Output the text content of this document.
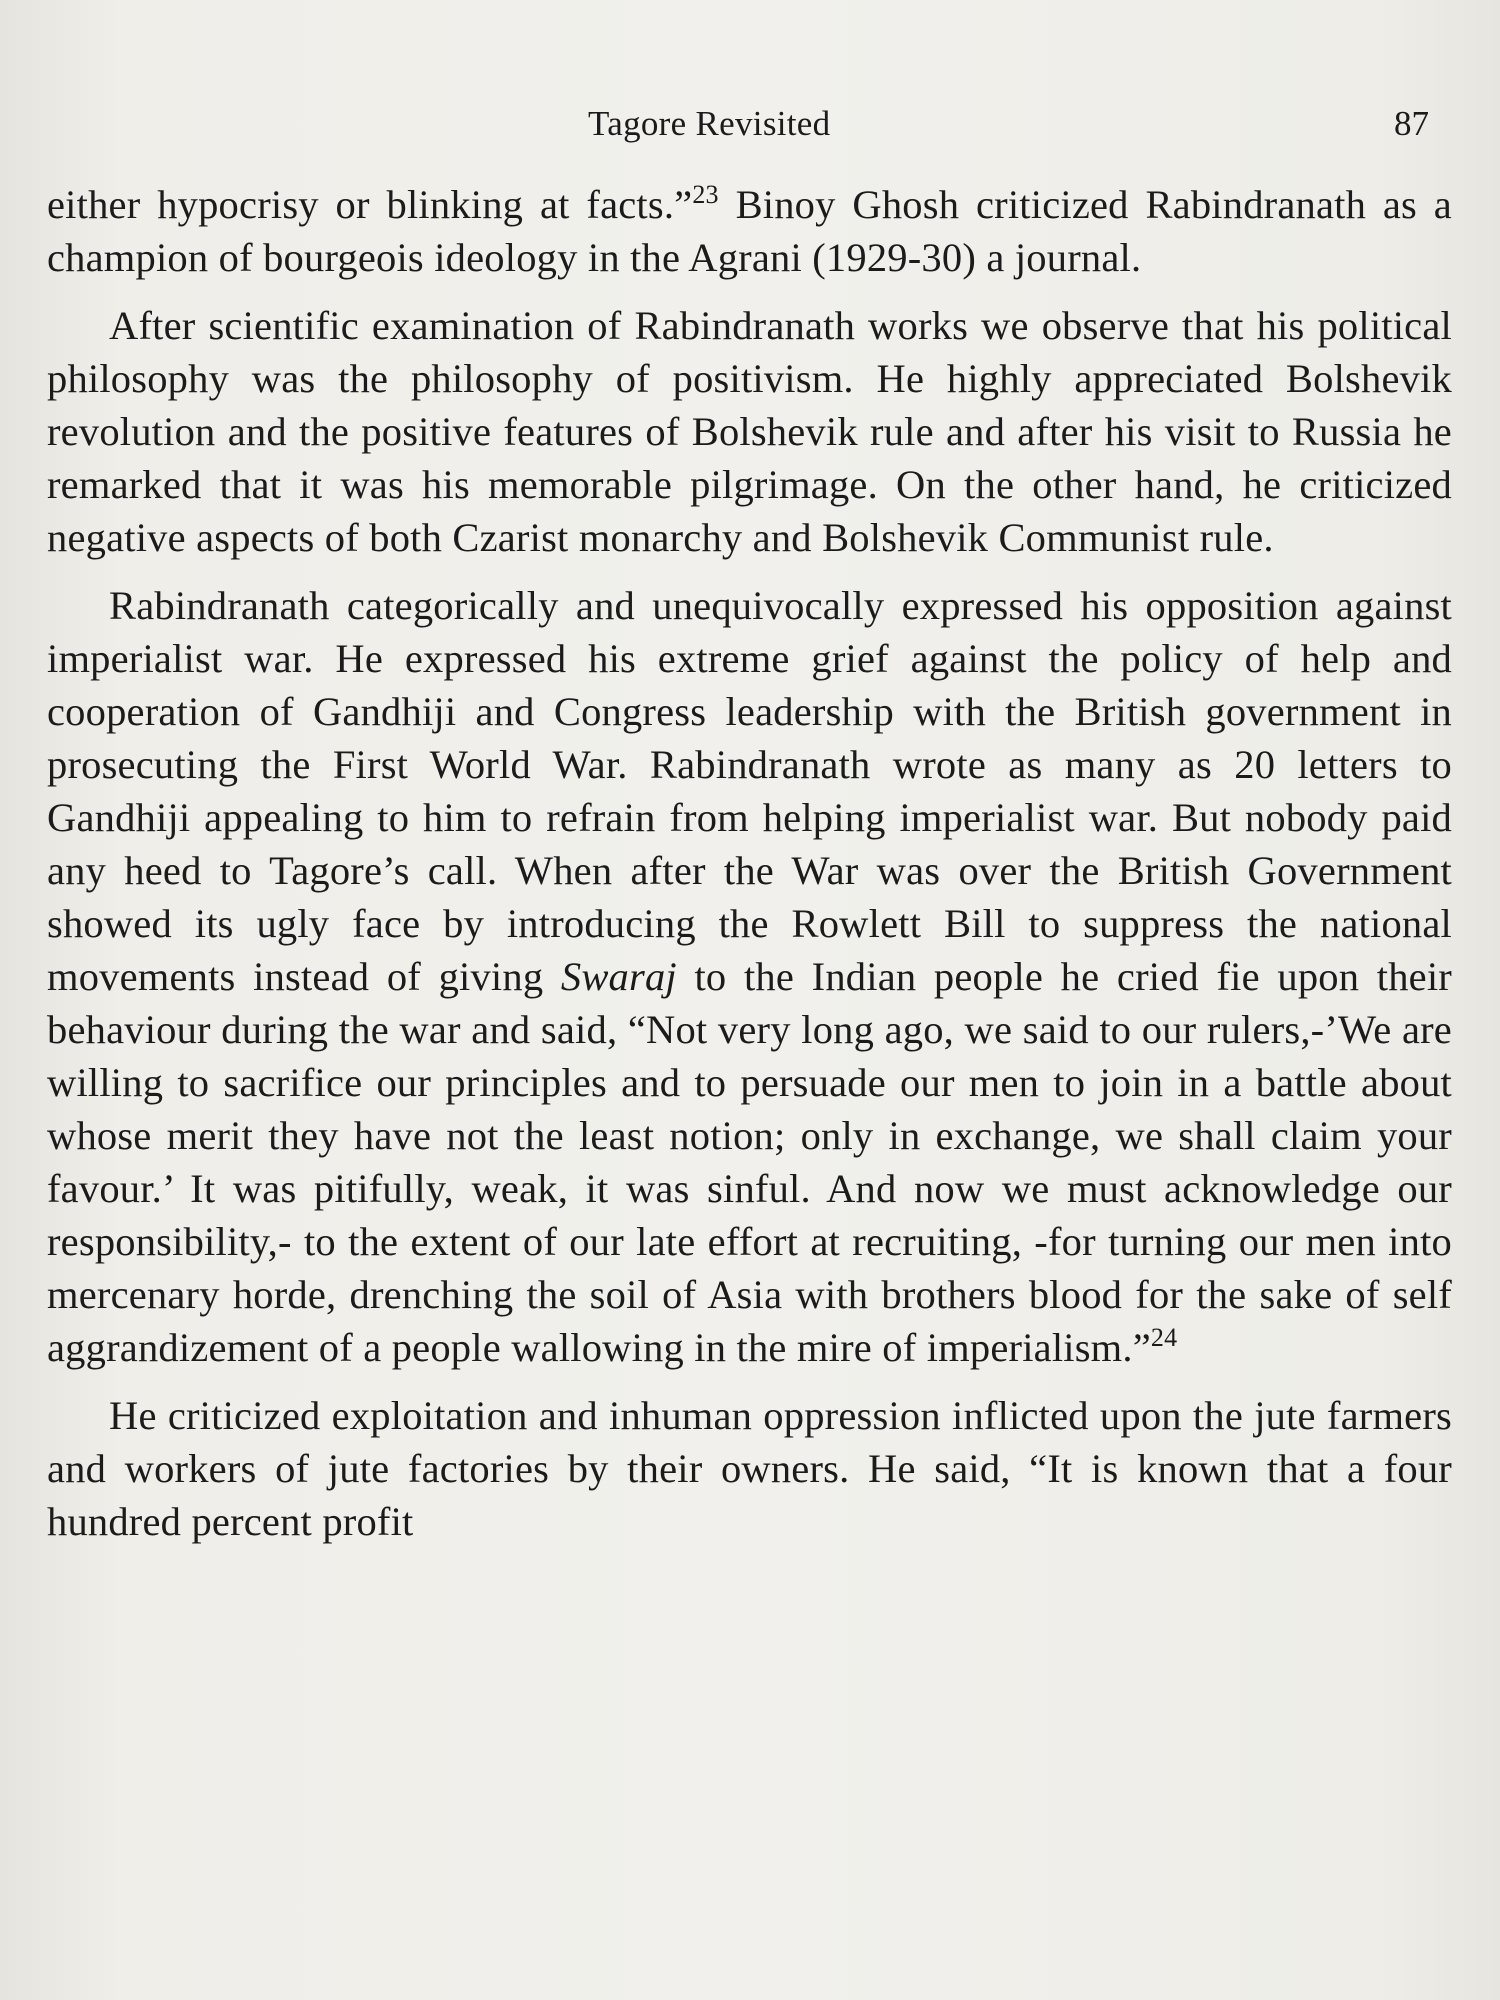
Tagore Revisited	87

either hypocrisy or blinking at facts.”$^{23}$ Binoy Ghosh criticized Rabindranath as a champion of bourgeois ideology in the Agrani (1929-30) a journal.

After scientific examination of Rabindranath works we observe that his political philosophy was the philosophy of positivism. He highly appreciated Bolshevik revolution and the positive features of Bolshevik rule and after his visit to Russia he remarked that it was his memorable pilgrimage. On the other hand, he criticized negative aspects of both Czarist monarchy and Bolshevik Communist rule.

Rabindranath categorically and unequivocally expressed his opposition against imperialist war. He expressed his extreme grief against the policy of help and cooperation of Gandhiji and Congress leadership with the British government in prosecuting the First World War. Rabindranath wrote as many as 20 letters to Gandhiji appealing to him to refrain from helping imperialist war. But nobody paid any heed to Tagore’s call. When after the War was over the British Government showed its ugly face by introducing the Rowlett Bill to suppress the national movements instead of giving Swaraj to the Indian people he cried fie upon their behaviour during the war and said, “Not very long ago, we said to our rulers,-’We are willing to sacrifice our principles and to persuade our men to join in a battle about whose merit they have not the least notion; only in exchange, we shall claim your favour.’ It was pitifully, weak, it was sinful. And now we must acknowledge our responsibility,- to the extent of our late effort at recruiting, -for turning our men into mercenary horde, drenching the soil of Asia with brothers blood for the sake of self aggrandizement of a people wallowing in the mire of imperialism.”$^{24}$

He criticized exploitation and inhuman oppression inflicted upon the jute farmers and workers of jute factories by their owners. He said, “It is known that a four hundred percent profit
